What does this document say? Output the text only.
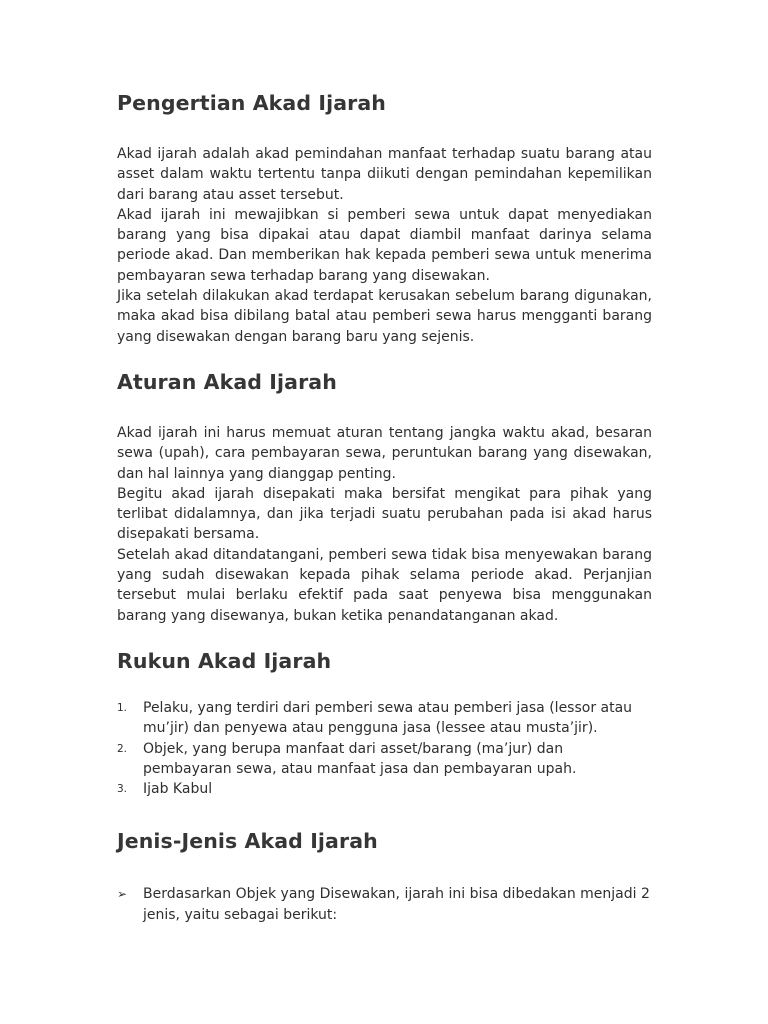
Pengertian Akad Ijarah

Akad ijarah adalah akad pemindahan manfaat terhadap suatu barang atau asset dalam waktu tertentu tanpa diikuti dengan pemindahan kepemilikan dari barang atau asset tersebut.

Akad ijarah ini mewajibkan si pemberi sewa untuk dapat menyediakan barang yang bisa dipakai atau dapat diambil manfaat darinya selama periode akad. Dan memberikan hak kepada pemberi sewa untuk menerima pembayaran sewa terhadap barang yang disewakan.

Jika setelah dilakukan akad terdapat kerusakan sebelum barang digunakan, maka akad bisa dibilang batal atau pemberi sewa harus mengganti barang yang disewakan dengan barang baru yang sejenis.

Aturan Akad Ijarah

Akad ijarah ini harus memuat aturan tentang jangka waktu akad, besaran sewa (upah), cara pembayaran sewa, peruntukan barang yang disewakan, dan hal lainnya yang dianggap penting.

Begitu akad ijarah disepakati maka bersifat mengikat para pihak yang terlibat didalamnya, dan jika terjadi suatu perubahan pada isi akad harus disepakati bersama.

Setelah akad ditandatangani, pemberi sewa tidak bisa menyewakan barang yang sudah disewakan kepada pihak selama periode akad. Perjanjian tersebut mulai berlaku efektif pada saat penyewa bisa menggunakan barang yang disewanya, bukan ketika penandatanganan akad.

Rukun Akad Ijarah
1. Pelaku, yang terdiri dari pemberi sewa atau pemberi jasa (lessor atau mu’jir) dan penyewa atau pengguna jasa (lessee atau musta’jir).
2. Objek, yang berupa manfaat dari asset/barang (ma’jur) dan pembayaran sewa, atau manfaat jasa dan pembayaran upah.
3. Ijab Kabul
Jenis-Jenis Akad Ijarah
➢ Berdasarkan Objek yang Disewakan, ijarah ini bisa dibedakan menjadi 2 jenis, yaitu sebagai berikut:
